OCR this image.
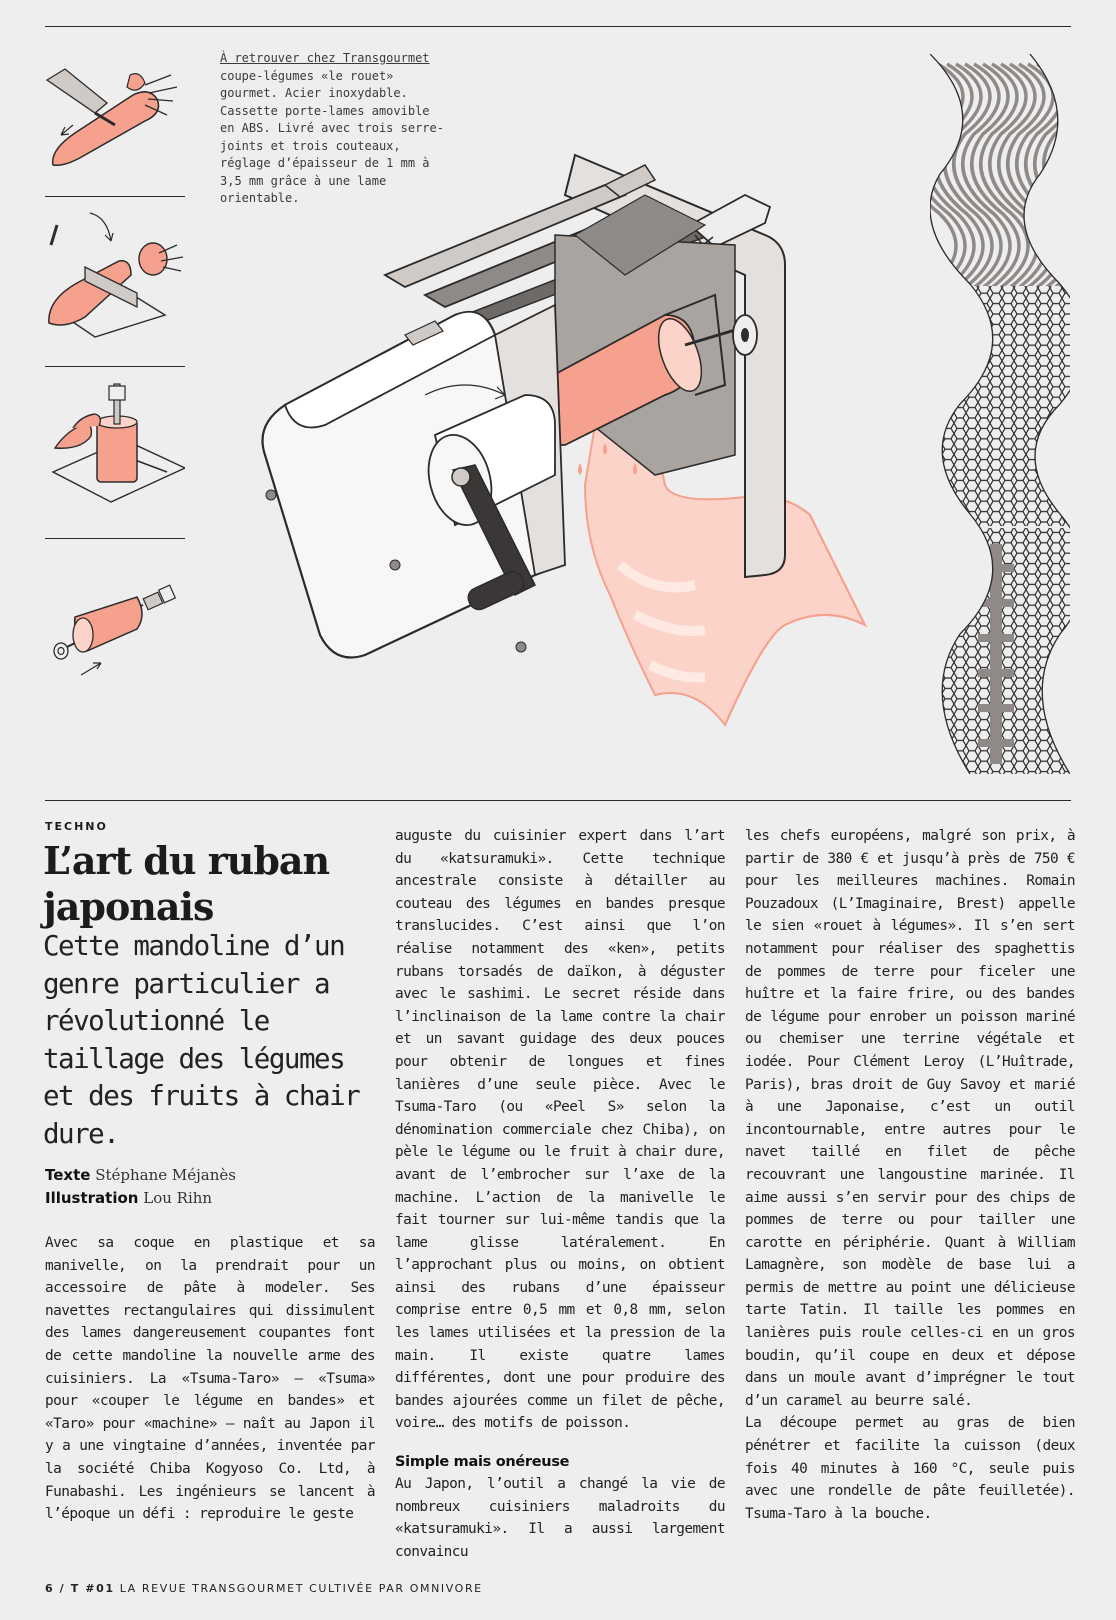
À retrouver chez Transgourmet coupe-légumes «le rouet» gourmet. Acier inoxydable. Cassette porte-lames amovible en ABS. Livré avec trois serre-joints et trois couteaux, réglage d’épaisseur de 1 mm à 3,5 mm grâce à une lame orientable.
TECHNO
L’art du ruban japonais
Cette mandoline d’un genre particulier a révolutionné le taillage des légumes et des fruits à chair dure.
Texte Stéphane Méjanès
Illustration Lou Rihn

Avec sa coque en plastique et sa manivelle, on la prendrait pour un accessoire de pâte à modeler. Ses navettes rectangulaires qui dissimulent des lames dangereusement coupantes font de cette mandoline la nouvelle arme des cuisiniers. La «Tsuma-Taro» – «Tsuma» pour «couper le légume en bandes» et «Taro» pour «machine» – naît au Japon il y a une vingtaine d’années, inventée par la société Chiba Kogyoso Co. Ltd, à Funabashi. Les ingénieurs se lancent à l’époque un défi : reproduire le geste

auguste du cuisinier expert dans l’art du «katsuramuki». Cette technique ancestrale consiste à détailler au couteau des légumes en bandes presque translucides. C’est ainsi que l’on réalise notamment des «ken», petits rubans torsadés de daïkon, à déguster avec le sashimi. Le secret réside dans l’inclinaison de la lame contre la chair et un savant guidage des deux pouces pour obtenir de longues et fines lanières d’une seule pièce. Avec le Tsuma-Taro (ou «Peel S» selon la dénomination commerciale chez Chiba), on pèle le légume ou le fruit à chair dure, avant de l’embrocher sur l’axe de la machine. L’action de la manivelle le fait tourner sur lui-même tandis que la lame glisse latéralement. En l’approchant plus ou moins, on obtient ainsi des rubans d’une épaisseur comprise entre 0,5 mm et 0,8 mm, selon les lames utilisées et la pression de la main. Il existe quatre lames différentes, dont une pour produire des bandes ajourées comme un filet de pêche, voire… des motifs de poisson.

Simple mais onéreuse

Au Japon, l’outil a changé la vie de nombreux cuisiniers maladroits du «katsuramuki». Il a aussi largement convaincu

les chefs européens, malgré son prix, à partir de 380 € et jusqu’à près de 750 € pour les meilleures machines. Romain Pouzadoux (L’Imaginaire, Brest) appelle le sien «rouet à légumes». Il s’en sert notamment pour réaliser des spaghettis de pommes de terre pour ficeler une huître et la faire frire, ou des bandes de légume pour enrober un poisson mariné ou chemiser une terrine végétale et iodée. Pour Clément Leroy (L’Huîtrade, Paris), bras droit de Guy Savoy et marié à une Japonaise, c’est un outil incontournable, entre autres pour le navet taillé en filet de pêche recouvrant une langoustine marinée. Il aime aussi s’en servir pour des chips de pommes de terre ou pour tailler une carotte en périphérie. Quant à William Lamagnère, son modèle de base lui a permis de mettre au point une délicieuse tarte Tatin. Il taille les pommes en lanières puis roule celles-ci en un gros boudin, qu’il coupe en deux et dépose dans un moule avant d’imprégner le tout d’un caramel au beurre salé.

La découpe permet au gras de bien pénétrer et facilite la cuisson (deux fois 40 minutes à 160 °C, seule puis avec une rondelle de pâte feuilletée). Tsuma-Taro à la bouche.

6 / T #01 LA REVUE TRANSGOURMET CULTIVÉE PAR OMNIVORE
